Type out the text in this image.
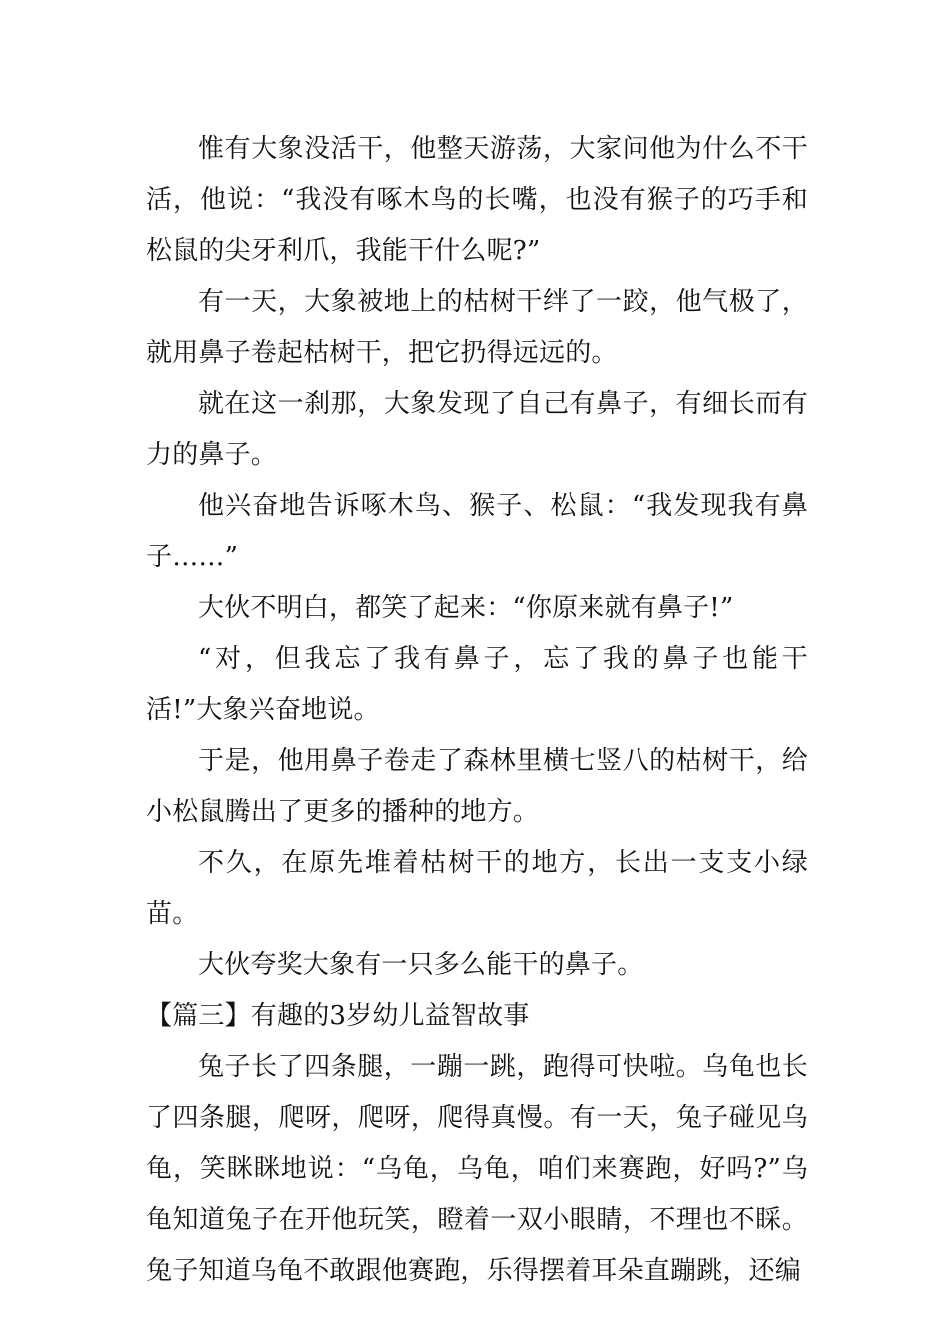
惟有大象没活干，他整天游荡，大家问他为什么不干活，他说：“我没有啄木鸟的长嘴，也没有猴子的巧手和松鼠的尖牙利爪，我能干什么呢?”

有一天，大象被地上的枯树干绊了一跤，他气极了，就用鼻子卷起枯树干，把它扔得远远的。

就在这一刹那，大象发现了自己有鼻子，有细长而有力的鼻子。

他兴奋地告诉啄木鸟、猴子、松鼠：“我发现我有鼻子……”

大伙不明白，都笑了起来：“你原来就有鼻子!”

“对，但我忘了我有鼻子，忘了我的鼻子也能干活!”大象兴奋地说。

于是，他用鼻子卷走了森林里横七竖八的枯树干，给小松鼠腾出了更多的播种的地方。

不久，在原先堆着枯树干的地方，长出一支支小绿苗。

大伙夸奖大象有一只多么能干的鼻子。

【篇三】有趣的3岁幼儿益智故事

兔子长了四条腿，一蹦一跳，跑得可快啦。乌龟也长了四条腿，爬呀，爬呀，爬得真慢。有一天，兔子碰见乌龟，笑眯眯地说：“乌龟，乌龟，咱们来赛跑，好吗?”乌龟知道兔子在开他玩笑，瞪着一双小眼睛，不理也不睬。兔子知道乌龟不敢跟他赛跑，乐得摆着耳朵直蹦跳，还编
